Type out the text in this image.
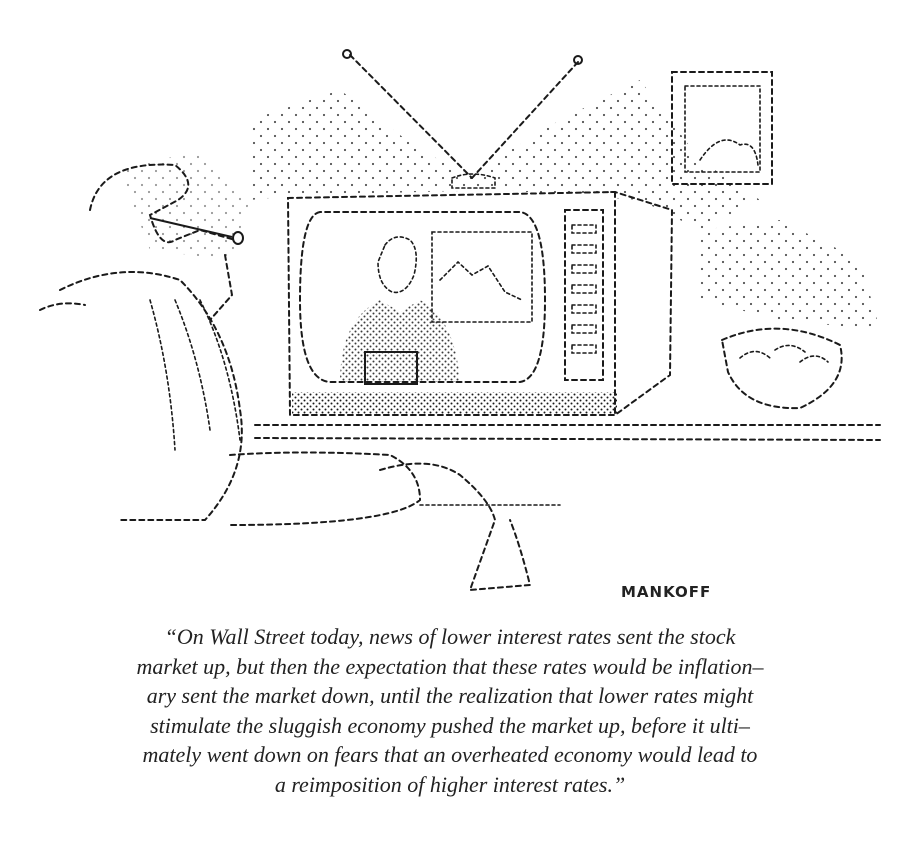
MANKOFF
“On Wall Street today, news of lower interest rates sent the stock
market up, but then the expectation that these rates would be inflation–
ary sent the market down, until the realization that lower rates might
stimulate the sluggish economy pushed the market up, before it ulti–
mately went down on fears that an overheated economy would lead to
a reimposition of higher interest rates.”
